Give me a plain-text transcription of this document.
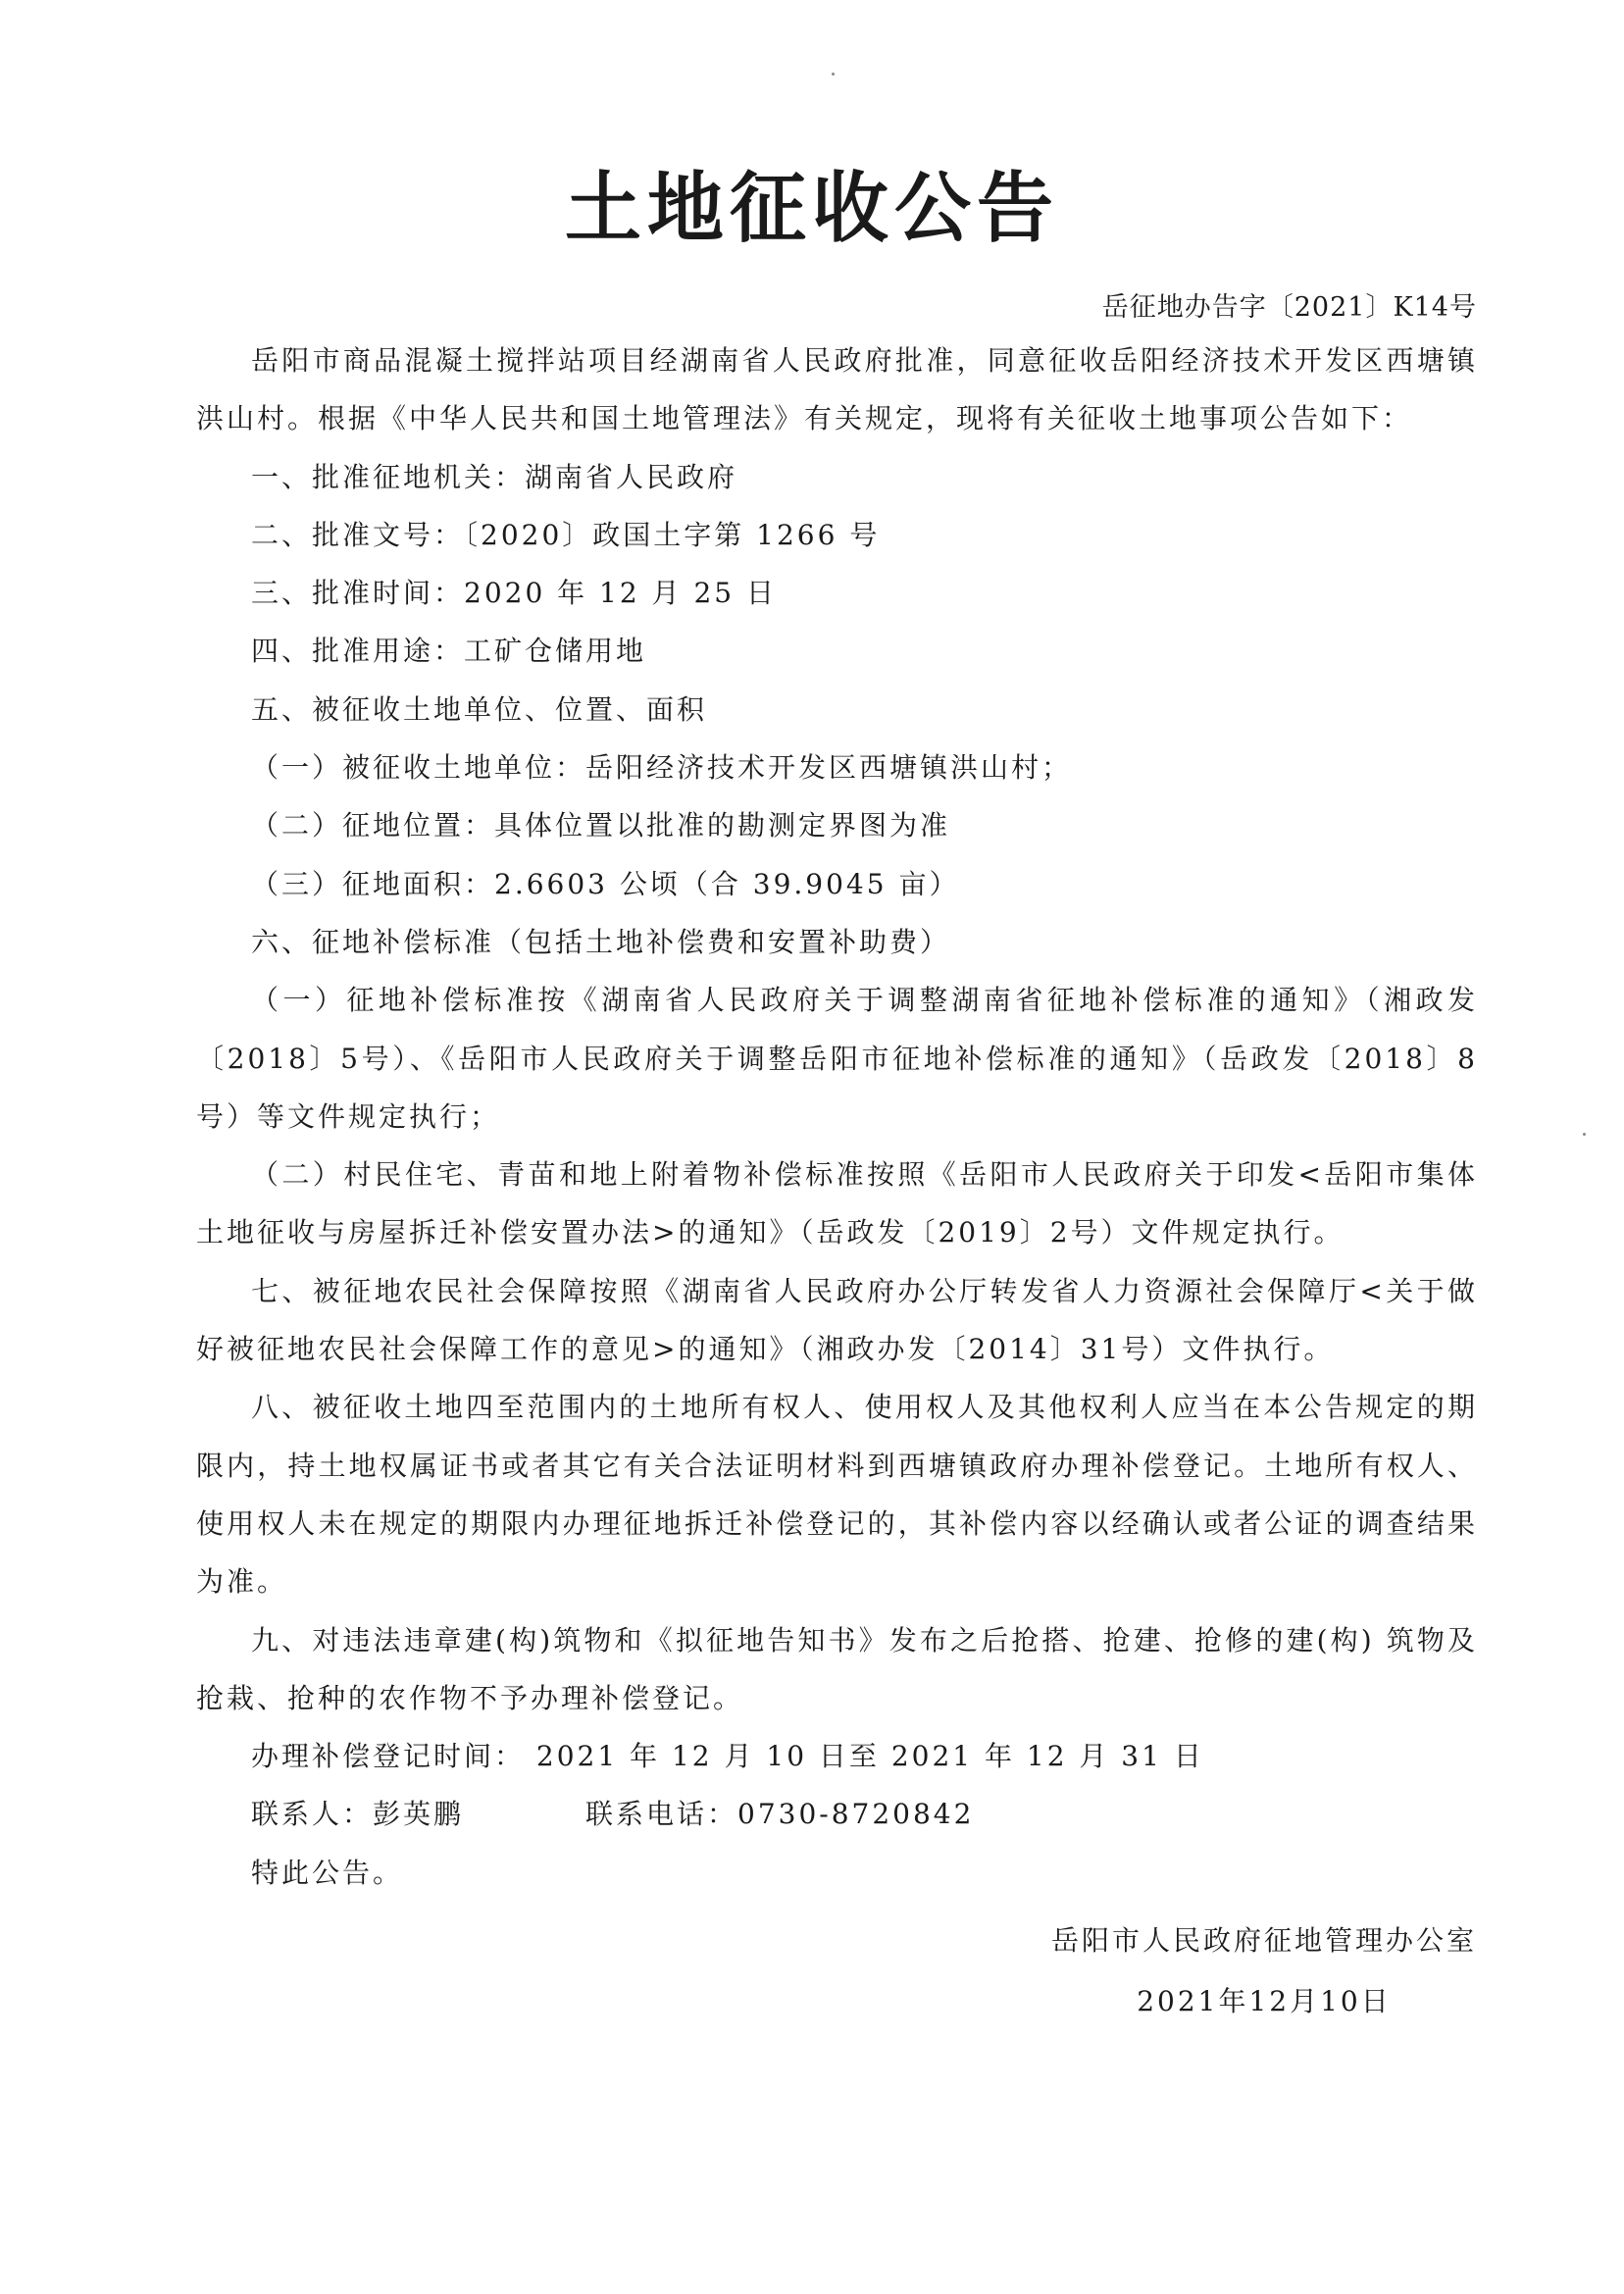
土地征收公告
岳征地办告字〔2021〕K14号

岳阳市商品混凝土搅拌站项目经湖南省人民政府批准，同意征收岳阳经济技术开发区西塘镇洪山村。根据《中华人民共和国土地管理法》有关规定，现将有关征收土地事项公告如下：

一、批准征地机关：湖南省人民政府

二、批准文号：〔2020〕政国土字第 1266 号

三、批准时间：2020 年 12 月 25 日

四、批准用途：工矿仓储用地

五、被征收土地单位、位置、面积

（一）被征收土地单位：岳阳经济技术开发区西塘镇洪山村；

（二）征地位置：具体位置以批准的勘测定界图为准

（三）征地面积：2.6603 公顷（合 39.9045 亩）

六、征地补偿标准（包括土地补偿费和安置补助费）

（一）征地补偿标准按《湖南省人民政府关于调整湖南省征地补偿标准的通知》（湘政发〔2018〕5号）、《岳阳市人民政府关于调整岳阳市征地补偿标准的通知》（岳政发〔2018〕8号）等文件规定执行；

（二）村民住宅、青苗和地上附着物补偿标准按照《岳阳市人民政府关于印发<岳阳市集体土地征收与房屋拆迁补偿安置办法>的通知》（岳政发〔2019〕2号）文件规定执行。

七、被征地农民社会保障按照《湖南省人民政府办公厅转发省人力资源社会保障厅<关于做好被征地农民社会保障工作的意见>的通知》（湘政办发〔2014〕31号）文件执行。

八、被征收土地四至范围内的土地所有权人、使用权人及其他权利人应当在本公告规定的期限内，持土地权属证书或者其它有关合法证明材料到西塘镇政府办理补偿登记。土地所有权人、使用权人未在规定的期限内办理征地拆迁补偿登记的，其补偿内容以经确认或者公证的调查结果为准。

九、对违法违章建(构)筑物和《拟征地告知书》发布之后抢搭、抢建、抢修的建(构) 筑物及抢栽、抢种的农作物不予办理补偿登记。

办理补偿登记时间： 2021 年 12 月 10 日至 2021 年 12 月 31 日

联系人：彭英鹏　　　　联系电话：0730-8720842

特此公告。

岳阳市人民政府征地管理办公室
2021年12月10日
